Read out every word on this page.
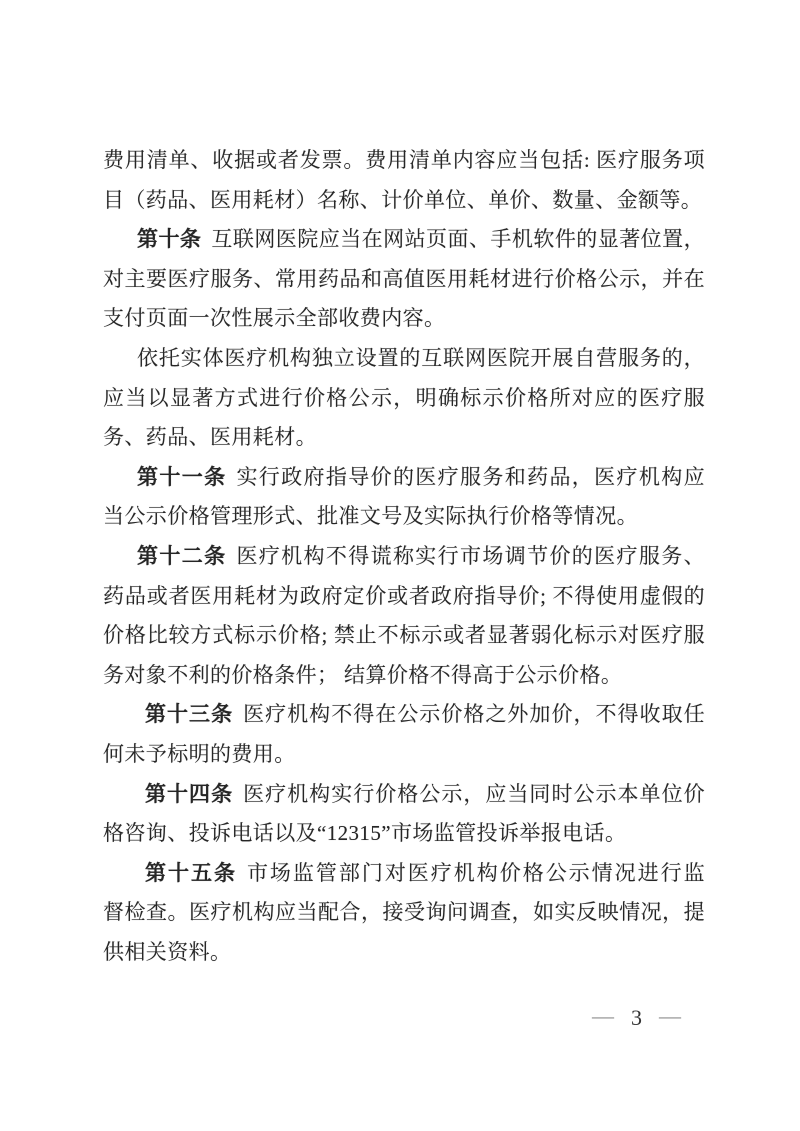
费用清单、收据或者发票。费用清单内容应当包括: 医疗服务项
目（药品、医用耗材）名称、计价单位、单价、数量、金额等。
第十条 互联网医院应当在网站页面、手机软件的显著位置，
对主要医疗服务、常用药品和高值医用耗材进行价格公示，并在
支付页面一次性展示全部收费内容。
依托实体医疗机构独立设置的互联网医院开展自营服务的，
应当以显著方式进行价格公示，明确标示价格所对应的医疗服
务、药品、医用耗材。
第十一条 实行政府指导价的医疗服务和药品，医疗机构应
当公示价格管理形式、批准文号及实际执行价格等情况。
第十二条 医疗机构不得谎称实行市场调节价的医疗服务、
药品或者医用耗材为政府定价或者政府指导价; 不得使用虚假的
价格比较方式标示价格; 禁止不标示或者显著弱化标示对医疗服
务对象不利的价格条件； 结算价格不得高于公示价格。
第十三条 医疗机构不得在公示价格之外加价，不得收取任
何未予标明的费用。
第十四条 医疗机构实行价格公示，应当同时公示本单位价
格咨询、投诉电话以及“12315”市场监管投诉举报电话。
第十五条 市场监管部门对医疗机构价格公示情况进行监
督检查。医疗机构应当配合，接受询问调查，如实反映情况，提
供相关资料。
— 3 —
